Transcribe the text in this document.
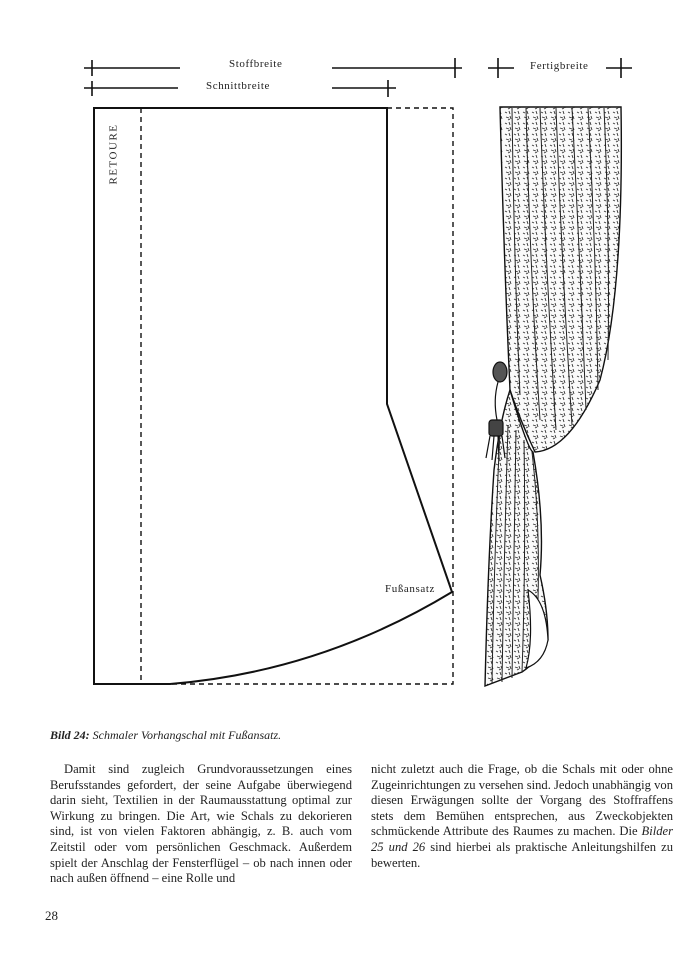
Stoffbreite
Schnittbreite
Fertigbreite
RETOURE
Fußansatz
Bild 24: Schmaler Vorhangschal mit Fußansatz.

Damit sind zugleich Grundvoraussetzungen eines Berufsstandes gefordert, der seine Aufgabe überwiegend darin sieht, Textilien in der Raumausstattung optimal zur Wirkung zu bringen. Die Art, wie Schals zu dekorieren sind, ist von vielen Faktoren abhängig, z. B. auch vom Zeitstil oder vom persönlichen Geschmack. Außerdem spielt der Anschlag der Fensterflügel – ob nach innen oder nach außen öffnend – eine Rolle und

nicht zuletzt auch die Frage, ob die Schals mit oder ohne Zugeinrichtungen zu versehen sind. Jedoch unabhängig von diesen Erwägungen sollte der Vorgang des Stoffraffens stets dem Bemühen entsprechen, aus Zweckobjekten schmückende Attribute des Raumes zu machen. Die Bilder 25 und 26 sind hierbei als praktische Anleitungshilfen zu bewerten.

28
